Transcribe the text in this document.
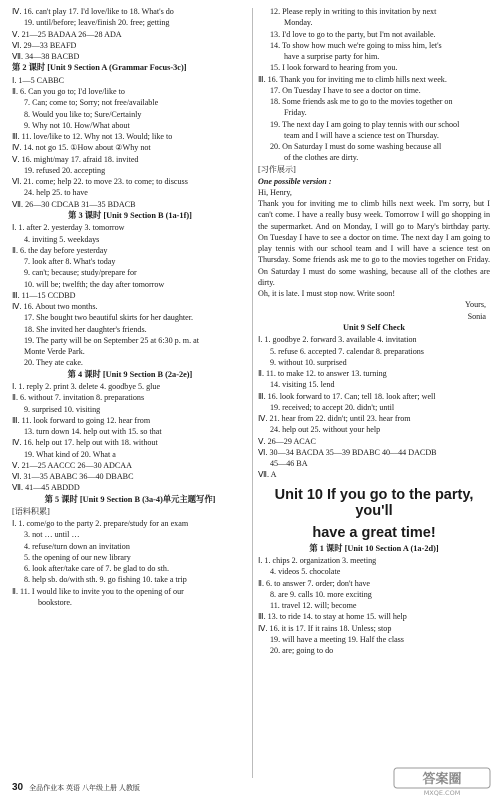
Ⅳ. 16. can't play 17. I'd love/like to 18. What's do
19. until/before; leave/finish 20. free; getting
Ⅴ. 21—25 BADAA 26—28 ADA
Ⅵ. 29—33 BEAFD
Ⅶ. 34—38 BACBD
第 2 课时 [Unit 9 Section A (Grammar Focus-3c)]
Ⅰ. 1—5 CABBC
Ⅱ. 6. Can you go to; I'd love/like to
7. Can; come to; Sorry; not free/available
8. Would you like to; Sure/Certainly
9. Why not 10. How/What about
Ⅲ. 11. love/like to 12. Why not 13. Would; like to
Ⅳ. 14. not go 15. ①How about ②Why not
Ⅴ. 16. might/may 17. afraid 18. invited
19. refused 20. accepting
Ⅵ. 21. come; help 22. to move 23. to come; to discuss
24. help 25. to have
Ⅶ. 26—30 CDCAB 31—35 BDACB
第 3 课时 [Unit 9 Section B (1a-1f)]
Ⅰ. 1. after 2. yesterday 3. tomorrow
4. inviting 5. weekdays
Ⅱ. 6. the day before yesterday
7. look after 8. What's today
9. can't; because; study/prepare for
10. will be; twelfth; the day after tomorrow
Ⅲ. 11—15 CCDBD
Ⅳ. 16. About two months.
17. She bought two beautiful skirts for her daughter.
18. She invited her daughter's friends.
19. The party will be on September 25 at 6:30 p. m. at
Monte Verde Park.
20. They ate cake.
第 4 课时 [Unit 9 Section B (2a-2e)]
Ⅰ. 1. reply 2. print 3. delete 4. goodbye 5. glue
Ⅱ. 6. without 7. invitation 8. preparations
9. surprised 10. visiting
Ⅲ. 11. look forward to going 12. hear from
13. turn down 14. help out with 15. so that
Ⅳ. 16. help out 17. help out with 18. without
19. What kind of 20. What a
Ⅴ. 21—25 AACCC 26—30 ADCAA
Ⅵ. 31—35 ABABC 36—40 DBABC
Ⅶ. 41—45 ABDDD
第 5 课时 [Unit 9 Section B (3a-4)单元主题写作]
[语料积累]
Ⅰ. 1. come/go to the party 2. prepare/study for an exam
3. not … until …
4. refuse/turn down an invitation
5. the opening of our new library
6. look after/take care of 7. be glad to do sth.
8. help sb. do/with sth. 9. go fishing 10. take a trip
Ⅱ. 11. I would like to invite you to the opening of our
bookstore.
12. Please reply in writing to this invitation by next
Monday.
13. I'd love to go to the party, but I'm not available.
14. To show how much we're going to miss him, let's
have a surprise party for him.
15. I look forward to hearing from you.
Ⅲ. 16. Thank you for inviting me to climb hills next week.
17. On Tuesday I have to see a doctor on time.
18. Some friends ask me to go to the movies together on
Friday.
19. The next day I am going to play tennis with our school
team and I will have a science test on Thursday.
20. On Saturday I must do some washing because all
of the clothes are dirty.
[习作展示]
One possible version :
Hi, Henry,
Thank you for inviting me to climb hills next week. I'm sorry, but I can't come. I have a really busy week. Tomorrow I will go shopping in the supermarket. And on Monday, I will go to Mary's birthday party. On Tuesday I have to see a doctor on time. The next day I am going to play tennis with our school team and I will have a science test on Thursday. Some friends ask me to go to the movies together on Friday. On Saturday I must do some washing, because all of the clothes are dirty.
Oh, it is late. I must stop now. Write soon!
Yours,
Sonia
Unit 9 Self Check
Ⅰ. 1. goodbye 2. forward 3. available 4. invitation
5. refuse 6. accepted 7. calendar 8. preparations
9. without 10. surprised
Ⅱ. 11. to make 12. to answer 13. turning
14. visiting 15. lend
Ⅲ. 16. look forward to 17. Can; tell 18. look after; well
19. received; to accept 20. didn't; until
Ⅳ. 21. hear from 22. didn't; until 23. hear from
24. help out 25. without your help
Ⅴ. 26—29 ACAC
Ⅵ. 30—34 BACDA 35—39 BDABC 40—44 DACDB
45—46 BA
Ⅶ. A
Unit 10 If you go to the party, you'll
have a great time!
第 1 课时 [Unit 10 Section A (1a-2d)]
Ⅰ. 1. chips 2. organization 3. meeting
4. videos 5. chocolate
Ⅱ. 6. to answer 7. order; don't have
8. are 9. calls 10. more exciting
11. travel 12. will; become
Ⅲ. 13. to ride 14. to stay at home 15. will help
Ⅳ. 16. it is 17. If it rains 18. Unless; stop
19. will have a meeting 19. Half the class
20. are; going to do
30 全品作业本 英语 八年级上册 人教版
答案圈
MXQE.COM
